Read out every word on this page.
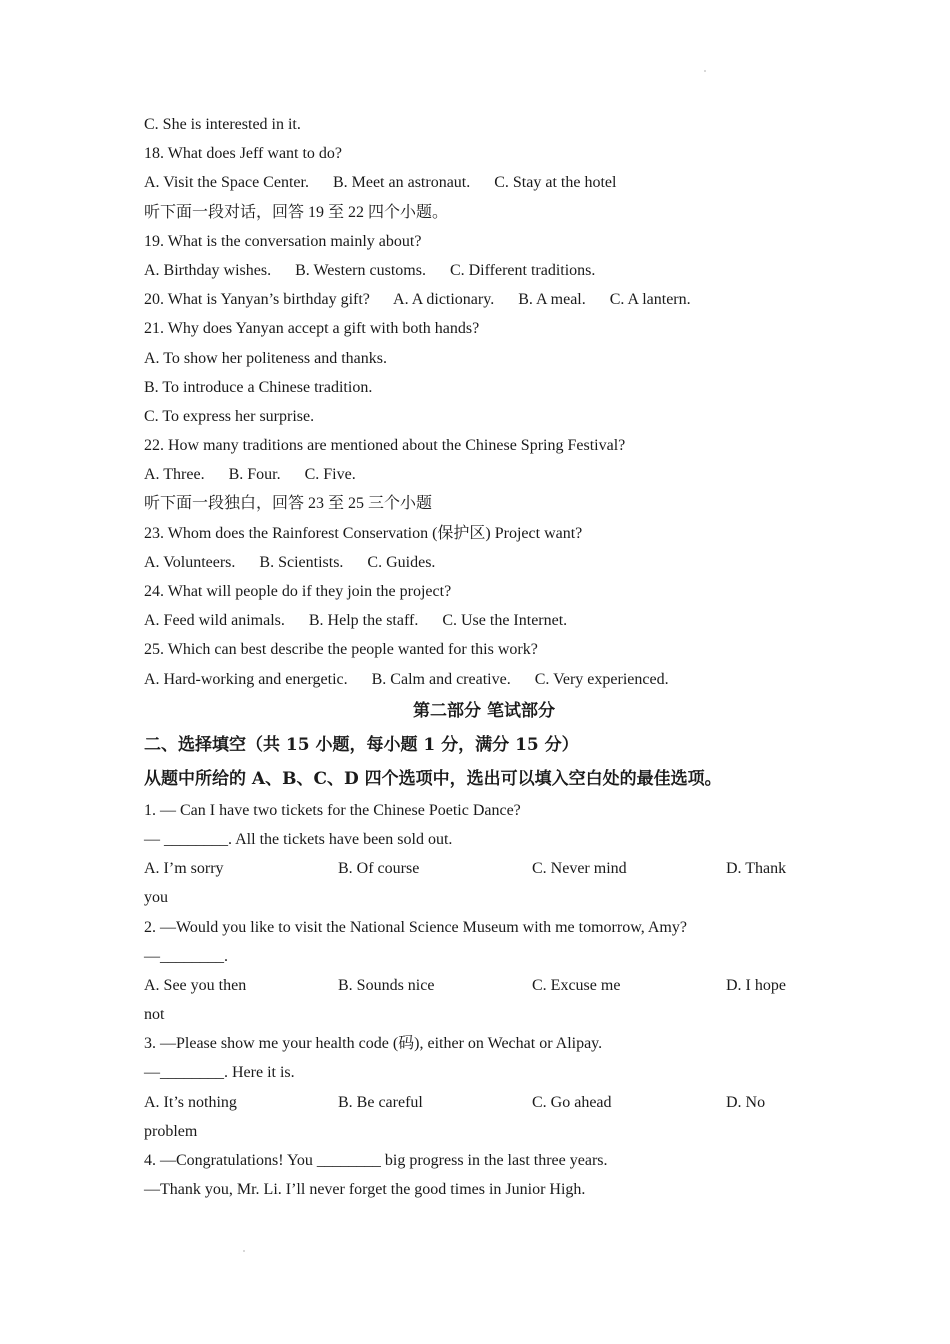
C. She is interested in it.
18. What does Jeff want to do?
A. Visit the Space Center.      B. Meet an astronaut.      C. Stay at the hotel
听下面一段对话，回答 19 至 22 四个小题。
19. What is the conversation mainly about?
A. Birthday wishes.      B. Western customs.      C. Different traditions.
20. What is Yanyan’s birthday gift?      A. A dictionary.      B. A meal.      C. A lantern.
21. Why does Yanyan accept a gift with both hands?
A. To show her politeness and thanks.
B. To introduce a Chinese tradition.
C. To express her surprise.
22. How many traditions are mentioned about the Chinese Spring Festival?
A. Three.      B. Four.      C. Five.
听下面一段独白，回答 23 至 25 三个小题
23. Whom does the Rainforest Conservation (保护区) Project want?
A. Volunteers.      B. Scientists.      C. Guides.
24. What will people do if they join the project?
A. Feed wild animals.      B. Help the staff.      C. Use the Internet.
25. Which can best describe the people wanted for this work?
A. Hard-working and energetic.      B. Calm and creative.      C. Very experienced.
第二部分 笔试部分
二、选择填空（共 15 小题，每小题 1 分，满分 15 分）
从题中所给的 A、B、C、D 四个选项中，选出可以填入空白处的最佳选项。
1. — Can I have two tickets for the Chinese Poetic Dance?
— ________. All the tickets have been sold out.
A. I’m sorry	B. Of course	C. Never mind	D. Thank
you
2. —Would you like to visit the National Science Museum with me tomorrow, Amy?
—________.
A. See you then	B. Sounds nice	C. Excuse me	D. I hope
not
3. —Please show me your health code (码), either on Wechat or Alipay.
—________. Here it is.
A. It’s nothing	B. Be careful	C. Go ahead	D. No
problem
4. —Congratulations! You ________ big progress in the last three years.
—Thank you, Mr. Li. I’ll never forget the good times in Junior High.
